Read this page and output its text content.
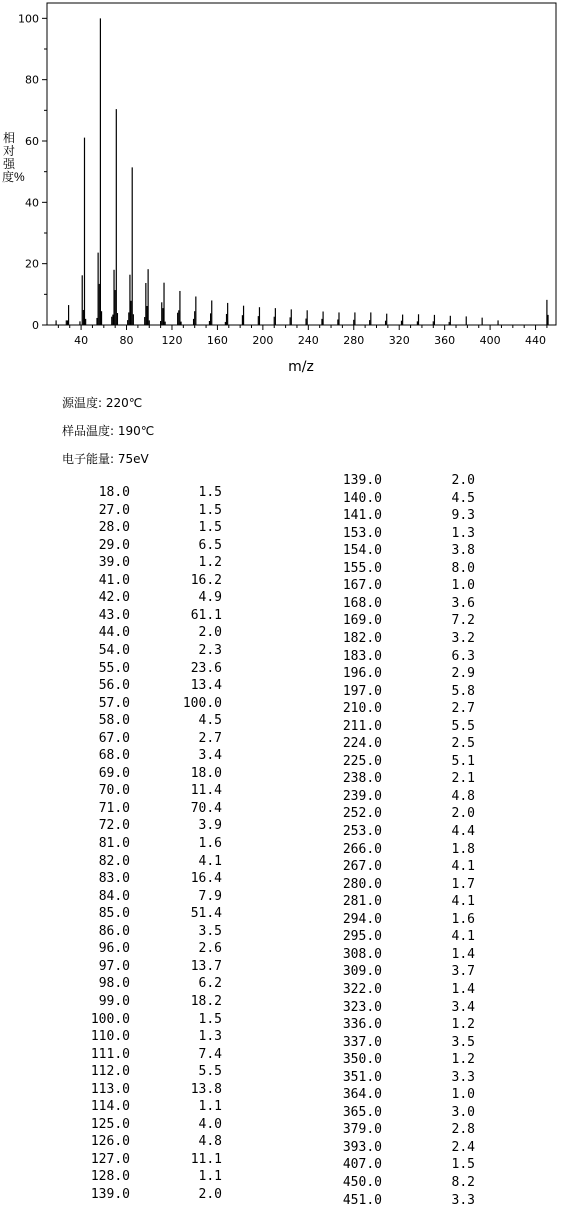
0
20
40
60
80
100
40	80	120 160 200 240 280 320 360 400 440
m/z
相对强度%
源温度: 220℃
样品温度: 190℃
电子能量: 75eV
18.0	1.5
27.0	1.5
28.0	1.5
29.0	6.5
39.0	1.2
41.0	16.2
42.0	4.9
43.0	61.1
44.0	2.0
54.0	2.3
55.0	23.6
56.0	13.4
57.0	100.0
58.0	4.5
67.0	2.7
68.0	3.4
69.0	18.0
70.0	11.4
71.0	70.4
72.0	3.9
81.0	1.6
82.0	4.1
83.0	16.4
84.0	7.9
85.0	51.4
86.0	3.5
96.0	2.6
97.0	13.7
98.0	6.2
99.0	18.2
100.0	1.5
110.0	1.3
111.0	7.4
112.0	5.5
113.0	13.8
114.0	1.1
125.0	4.0
126.0	4.8
127.0	11.1
128.0	1.1
139.0	2.0
139.0	2.0
140.0	4.5
141.0	9.3
153.0	1.3
154.0	3.8
155.0	8.0
167.0	1.0
168.0	3.6
169.0	7.2
182.0	3.2
183.0	6.3
196.0	2.9
197.0	5.8
210.0	2.7
211.0	5.5
224.0	2.5
225.0	5.1
238.0	2.1
239.0	4.8
252.0	2.0
253.0	4.4
266.0	1.8
267.0	4.1
280.0	1.7
281.0	4.1
294.0	1.6
295.0	4.1
308.0	1.4
309.0	3.7
322.0	1.4
323.0	3.4
336.0	1.2
337.0	3.5
350.0	1.2
351.0	3.3
364.0	1.0
365.0	3.0
379.0	2.8
393.0	2.4
407.0	1.5
450.0	8.2
451.0	3.3
